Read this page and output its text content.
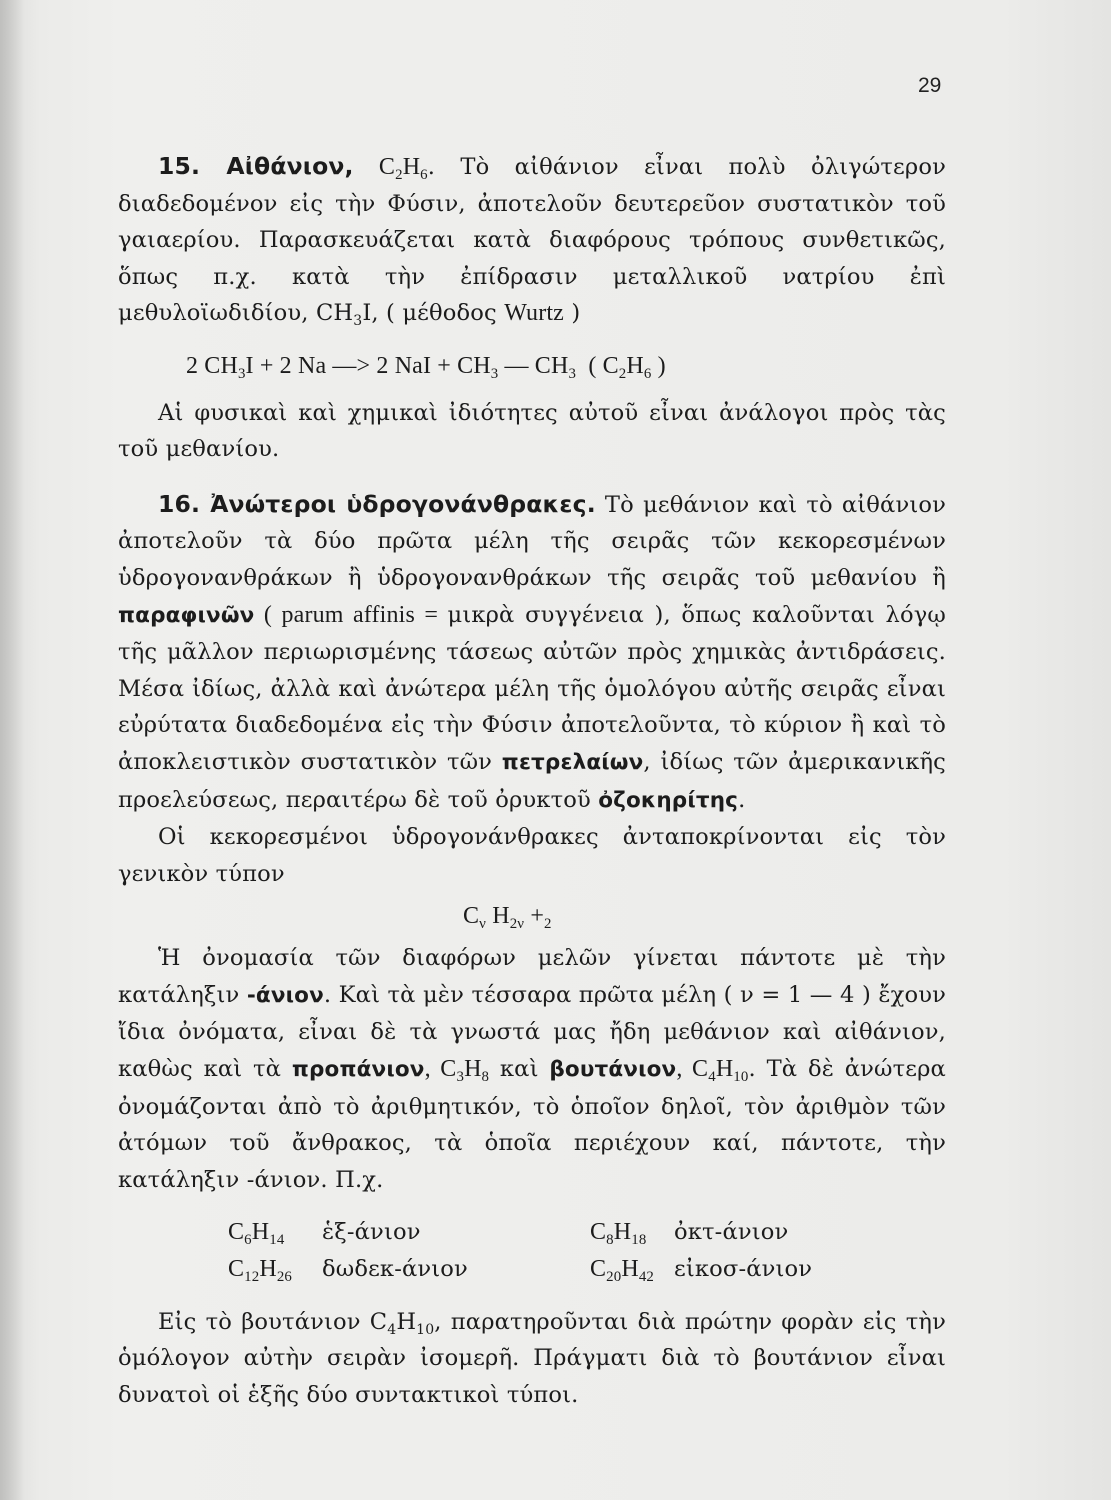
29

15. Αἰθάνιον, $C_2H_6$. Τὸ αἰθάνιον εἶναι πολὺ ὀλιγώτερον διαδεδομένον εἰς τὴν Φύσιν, ἀποτελοῦν δευτερεῦον συστατικὸν τοῦ γαιαερίου. Παρασκευάζεται κατὰ διαφόρους τρόπους συνθετικῶς, ὅπως π.χ. κατὰ τὴν ἐπίδρασιν μεταλλικοῦ νατρίου ἐπὶ μεθυλοϊωδιδίου, $CH_3I$, ( μέθοδος Wurtz )

2 $CH_3I + 2$ Na —> 2 NaI + $CH_3$ — $CH_3$  ( $C_2H_6$ )

Αἱ φυσικαὶ καὶ χημικαὶ ἰδιότητες αὐτοῦ εἶναι ἀνάλογοι πρὸς τὰς τοῦ μεθανίου.

16. Ἀνώτεροι ὑδρογονάνθρακες. Τὸ μεθάνιον καὶ τὸ αἰθάνιον ἀποτελοῦν τὰ δύο πρῶτα μέλη τῆς σειρᾶς τῶν κεκορεσμένων ὑδρογονανθράκων ἢ ὑδρογονανθράκων τῆς σειρᾶς τοῦ μεθανίου ἢ παραφινῶν ( parum affinis = μικρὰ συγγένεια ), ὅπως καλοῦνται λόγῳ τῆς μᾶλλον περιωρισμένης τάσεως αὐτῶν πρὸς χημικὰς ἀντιδράσεις. Μέσα ἰδίως, ἀλλὰ καὶ ἀνώτερα μέλη τῆς ὁμολόγου αὐτῆς σειρᾶς εἶναι εὐρύτατα διαδεδομένα εἰς τὴν Φύσιν ἀποτελοῦντα, τὸ κύριον ἢ καὶ τὸ ἀποκλειστικὸν συστατικὸν τῶν πετρελαίων, ἰδίως τῶν ἀμερικανικῆς προελεύσεως, περαιτέρω δὲ τοῦ ὀρυκτοῦ ὀζοκηρίτης.

Οἱ κεκορεσμένοι ὑδρογονάνθρακες ἀνταποκρίνονται εἰς τὸν γενικὸν τύπον

$C_\nu$ $H_{2\nu} +_2$

Ἡ ὀνομασία τῶν διαφόρων μελῶν γίνεται πάντοτε μὲ τὴν κατάληξιν -άνιον. Καὶ τὰ μὲν τέσσαρα πρῶτα μέλη ( ν = 1 — 4 ) ἔχουν ἴδια ὀνόματα, εἶναι δὲ τὰ γνωστά μας ἤδη μεθάνιον καὶ αἰθάνιον, καθὼς καὶ τὰ προπάνιον, $C_3H_8$ καὶ βουτάνιον, $C_4H_{10}$. Τὰ δὲ ἀνώτερα ὀνομάζονται ἀπὸ τὸ ἀριθμητικόν, τὸ ὁποῖον δηλοῖ, τὸν ἀριθμὸν τῶν ἀτόμων τοῦ ἄνθρακος, τὰ ὁποῖα περιέχουν καί, πάντοτε, τὴν κατάληξιν -άνιον. Π.χ.

$C_6H_{14}$ ἑξ-άνιον	$C_8H_{18}$ ὀκτ-άνιον
$C_{12}H_{26}$ δωδεκ-άνιον	$C_{20}H_{42}$ εἰκοσ-άνιον

Εἰς τὸ βουτάνιον $C_4H_{10}$, παρατηροῦνται διὰ πρώτην φορὰν εἰς τὴν ὁμόλογον αὐτὴν σειρὰν ἰσομερῆ. Πράγματι διὰ τὸ βουτάνιον εἶναι δυνατοὶ οἱ ἑξῆς δύο συντακτικοὶ τύποι.
